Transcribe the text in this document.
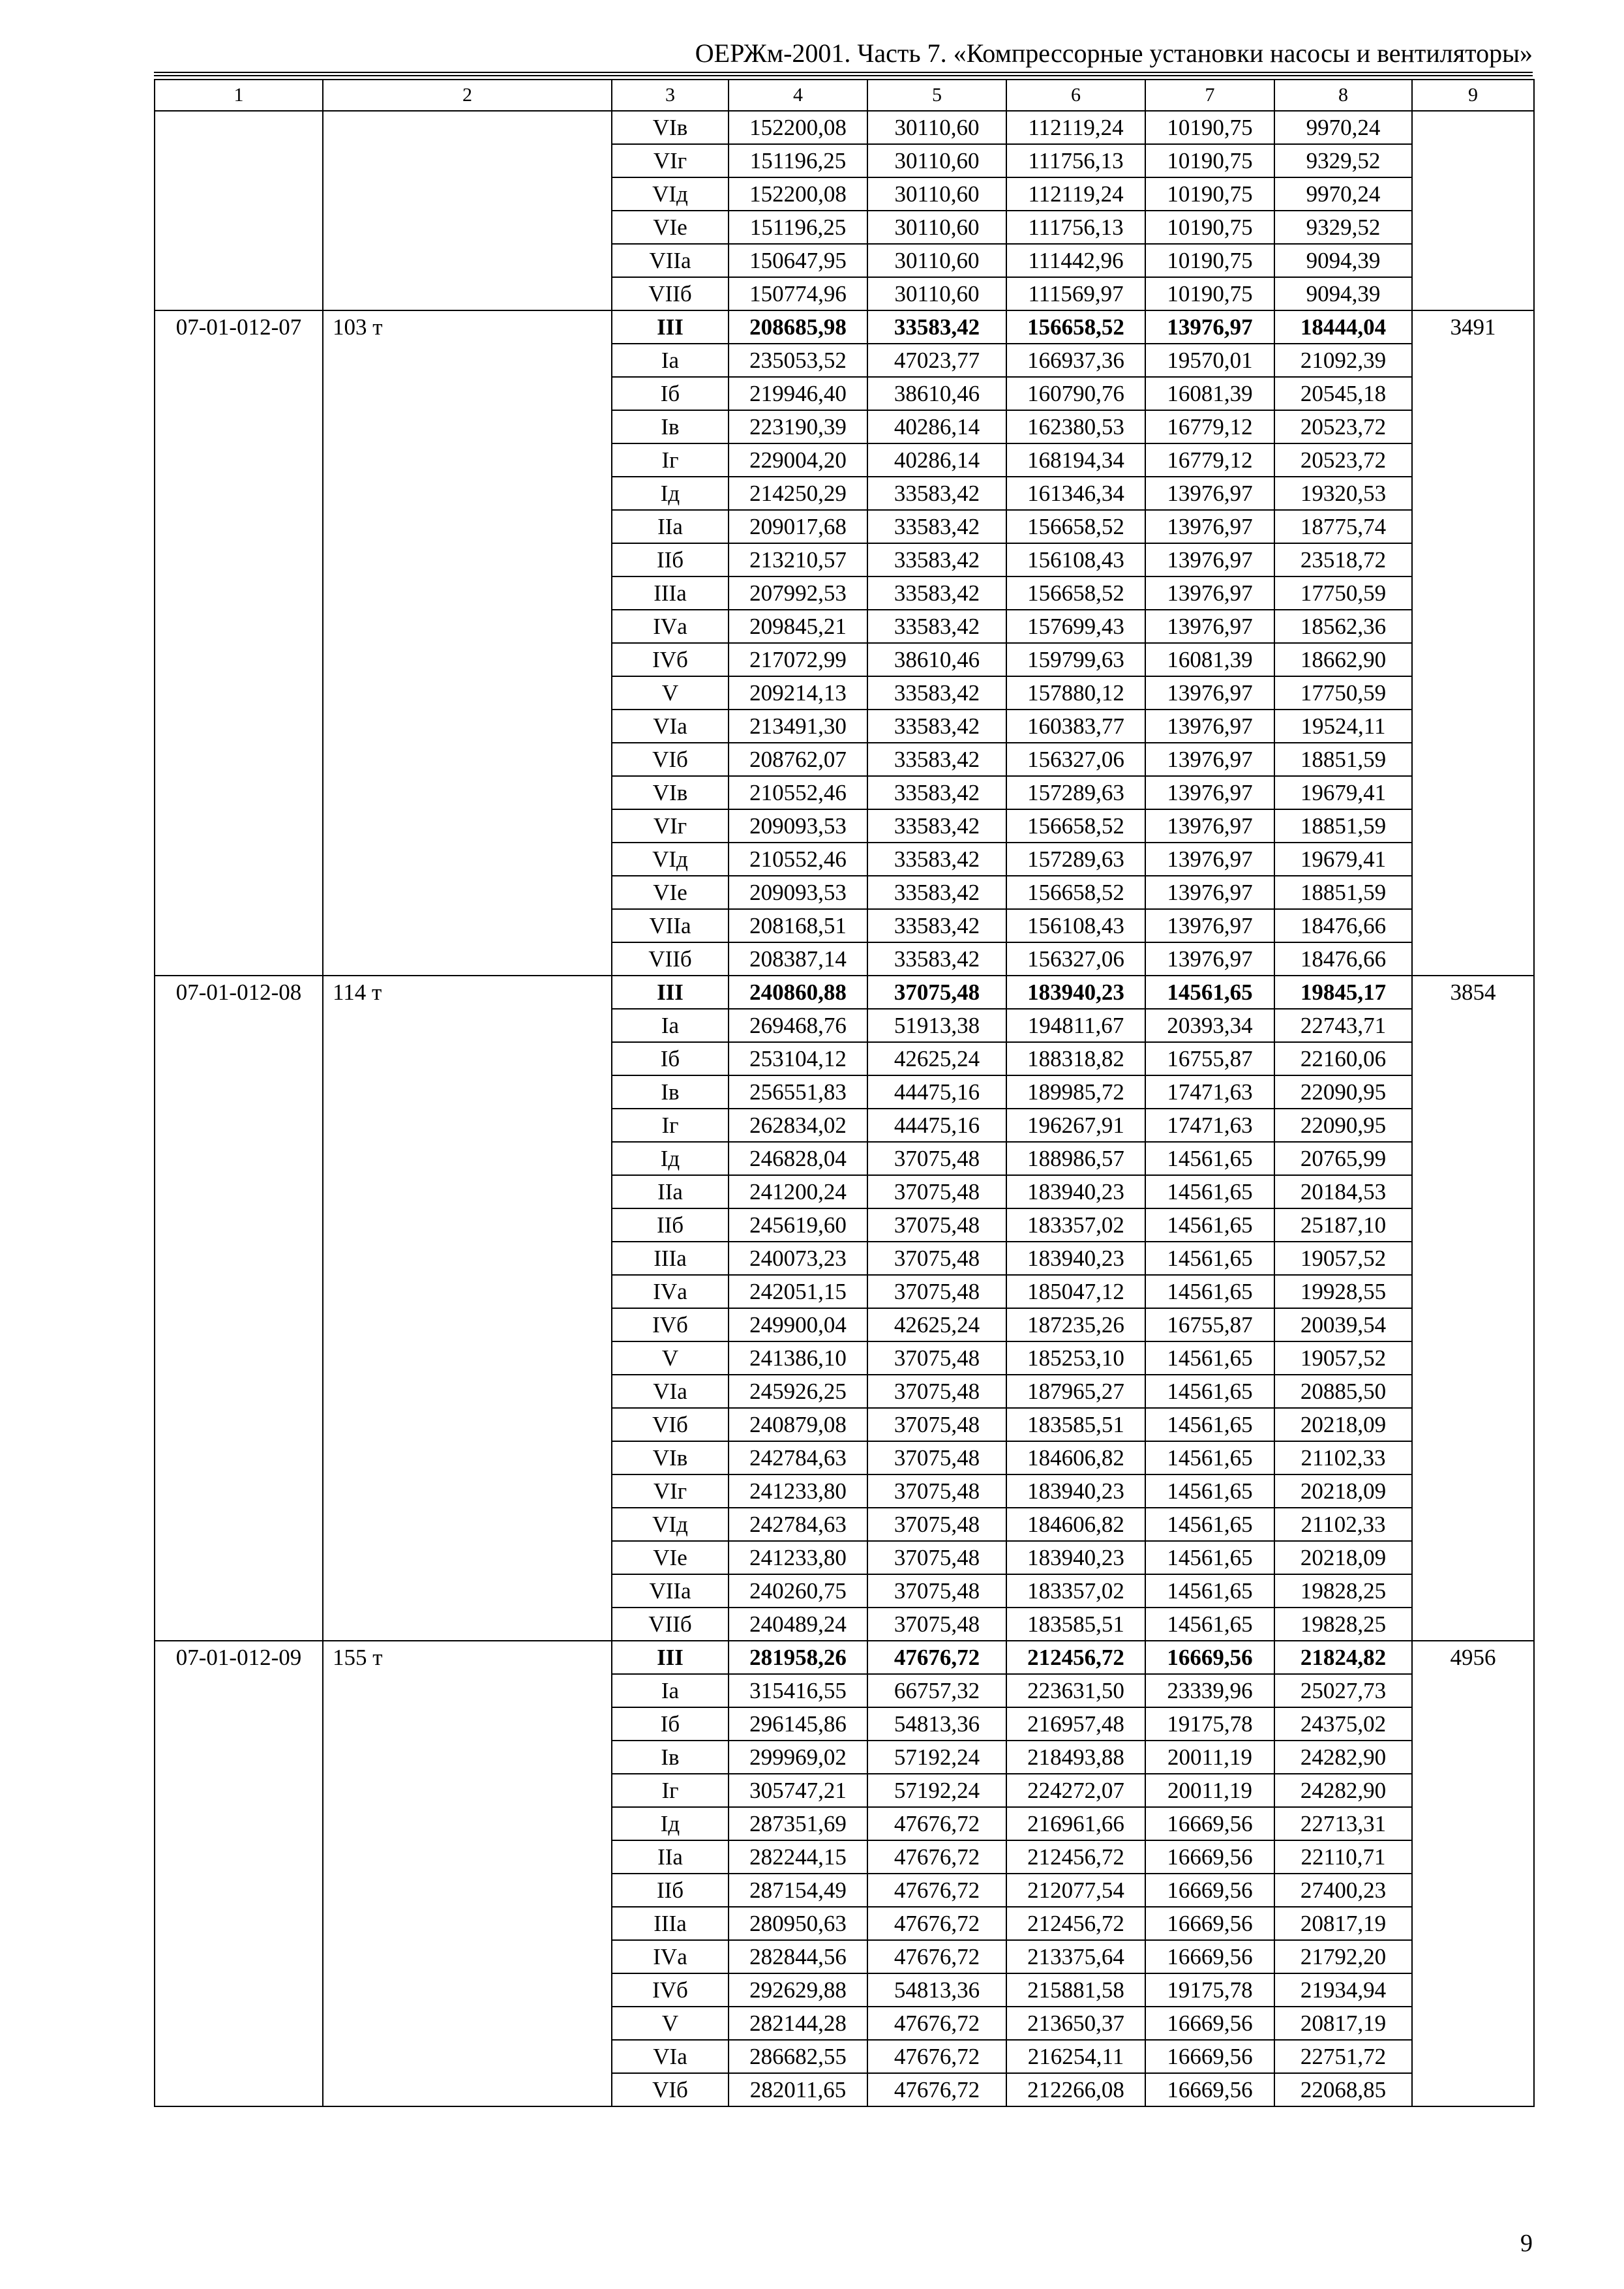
ОЕРЖм-2001. Часть 7. «Компрессорные установки насосы и вентиляторы»
1	2	3	4	5	6	7	8	9
		VIв	152200,08	30110,60	112119,24	10190,75	9970,24	
		VIг	151196,25	30110,60	111756,13	10190,75	9329,52	
		VIд	152200,08	30110,60	112119,24	10190,75	9970,24	
		VIе	151196,25	30110,60	111756,13	10190,75	9329,52	
		VIIа	150647,95	30110,60	111442,96	10190,75	9094,39	
		VIIб	150774,96	30110,60	111569,97	10190,75	9094,39	
07-01-012-07	103 т	III	208685,98	33583,42	156658,52	13976,97	18444,04	3491
		Iа	235053,52	47023,77	166937,36	19570,01	21092,39	
		Iб	219946,40	38610,46	160790,76	16081,39	20545,18	
		Iв	223190,39	40286,14	162380,53	16779,12	20523,72	
		Iг	229004,20	40286,14	168194,34	16779,12	20523,72	
		Iд	214250,29	33583,42	161346,34	13976,97	19320,53	
		IIа	209017,68	33583,42	156658,52	13976,97	18775,74	
		IIб	213210,57	33583,42	156108,43	13976,97	23518,72	
		IIIа	207992,53	33583,42	156658,52	13976,97	17750,59	
		IVа	209845,21	33583,42	157699,43	13976,97	18562,36	
		IVб	217072,99	38610,46	159799,63	16081,39	18662,90	
		V	209214,13	33583,42	157880,12	13976,97	17750,59	
		VIа	213491,30	33583,42	160383,77	13976,97	19524,11	
		VIб	208762,07	33583,42	156327,06	13976,97	18851,59	
		VIв	210552,46	33583,42	157289,63	13976,97	19679,41	
		VIг	209093,53	33583,42	156658,52	13976,97	18851,59	
		VIд	210552,46	33583,42	157289,63	13976,97	19679,41	
		VIе	209093,53	33583,42	156658,52	13976,97	18851,59	
		VIIа	208168,51	33583,42	156108,43	13976,97	18476,66	
		VIIб	208387,14	33583,42	156327,06	13976,97	18476,66	
07-01-012-08	114 т	III	240860,88	37075,48	183940,23	14561,65	19845,17	3854
		Iа	269468,76	51913,38	194811,67	20393,34	22743,71	
		Iб	253104,12	42625,24	188318,82	16755,87	22160,06	
		Iв	256551,83	44475,16	189985,72	17471,63	22090,95	
		Iг	262834,02	44475,16	196267,91	17471,63	22090,95	
		Iд	246828,04	37075,48	188986,57	14561,65	20765,99	
		IIа	241200,24	37075,48	183940,23	14561,65	20184,53	
		IIб	245619,60	37075,48	183357,02	14561,65	25187,10	
		IIIа	240073,23	37075,48	183940,23	14561,65	19057,52	
		IVа	242051,15	37075,48	185047,12	14561,65	19928,55	
		IVб	249900,04	42625,24	187235,26	16755,87	20039,54	
		V	241386,10	37075,48	185253,10	14561,65	19057,52	
		VIа	245926,25	37075,48	187965,27	14561,65	20885,50	
		VIб	240879,08	37075,48	183585,51	14561,65	20218,09	
		VIв	242784,63	37075,48	184606,82	14561,65	21102,33	
		VIг	241233,80	37075,48	183940,23	14561,65	20218,09	
		VIд	242784,63	37075,48	184606,82	14561,65	21102,33	
		VIе	241233,80	37075,48	183940,23	14561,65	20218,09	
		VIIа	240260,75	37075,48	183357,02	14561,65	19828,25	
		VIIб	240489,24	37075,48	183585,51	14561,65	19828,25	
07-01-012-09	155 т	III	281958,26	47676,72	212456,72	16669,56	21824,82	4956
		Iа	315416,55	66757,32	223631,50	23339,96	25027,73	
		Iб	296145,86	54813,36	216957,48	19175,78	24375,02	
		Iв	299969,02	57192,24	218493,88	20011,19	24282,90	
		Iг	305747,21	57192,24	224272,07	20011,19	24282,90	
		Iд	287351,69	47676,72	216961,66	16669,56	22713,31	
		IIа	282244,15	47676,72	212456,72	16669,56	22110,71	
		IIб	287154,49	47676,72	212077,54	16669,56	27400,23	
		IIIа	280950,63	47676,72	212456,72	16669,56	20817,19	
		IVа	282844,56	47676,72	213375,64	16669,56	21792,20	
		IVб	292629,88	54813,36	215881,58	19175,78	21934,94	
		V	282144,28	47676,72	213650,37	16669,56	20817,19	
		VIа	286682,55	47676,72	216254,11	16669,56	22751,72	
		VIб	282011,65	47676,72	212266,08	16669,56	22068,85	
9
